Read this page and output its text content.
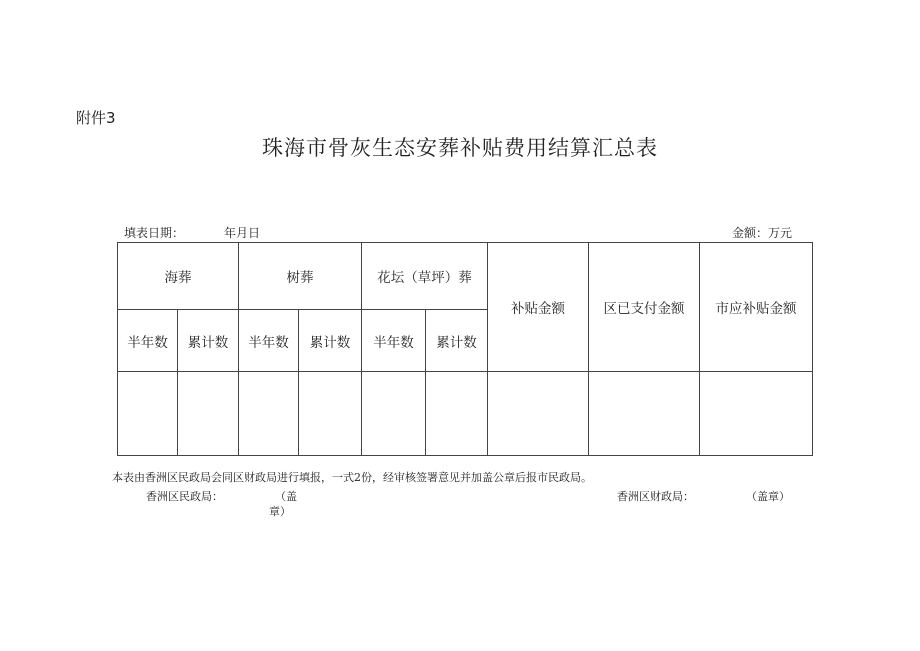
附件3
珠海市骨灰生态安葬补贴费用结算汇总表
填表日期：	年月日	金额：万元
海葬		树葬		花坛（草坪）葬		补贴金额	区已支付金额	市应补贴金额
半年数	累计数	半年数	累计数	半年数	累计数			

本表由香洲区民政局会同区财政局进行填报，一式2份，经审核签署意见并加盖公章后报市民政局。
香洲区民政局：	（盖
章）
香洲区财政局：	（盖章）
